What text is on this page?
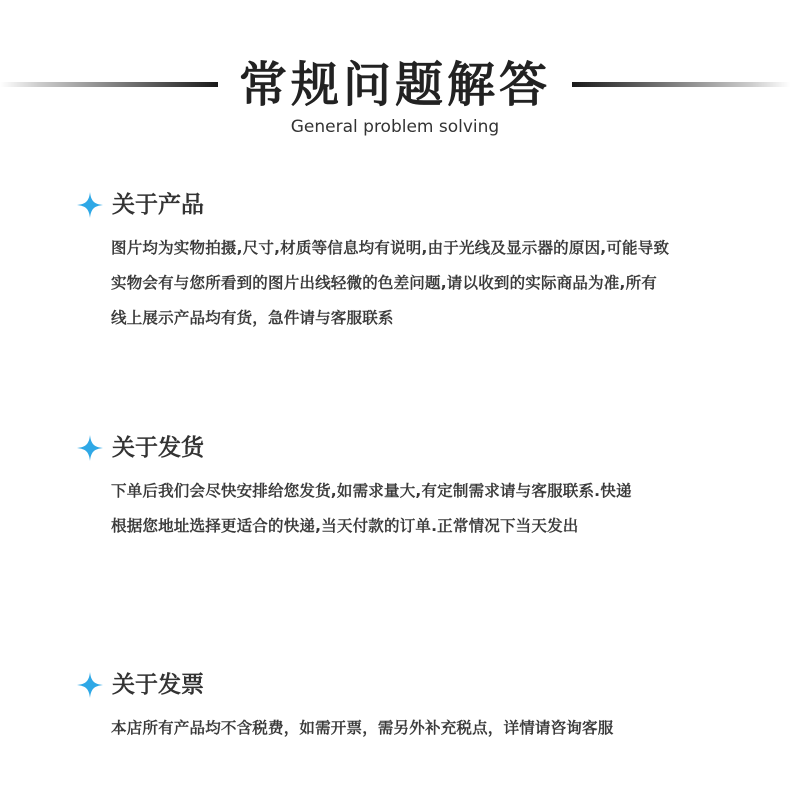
常规问题解答
General problem solving
关于产品
图片均为实物拍摄,尺寸,材质等信息均有说明,由于光线及显示器的原因,可能导致
实物会有与您所看到的图片出线轻微的色差问题,请以收到的实际商品为准,所有
线上展示产品均有货，急件请与客服联系
关于发货
下单后我们会尽快安排给您发货,如需求量大,有定制需求请与客服联系.快递
根据您地址选择更适合的快递,当天付款的订单.正常情况下当天发出
关于发票
本店所有产品均不含税费，如需开票，需另外补充税点，详情请咨询客服
